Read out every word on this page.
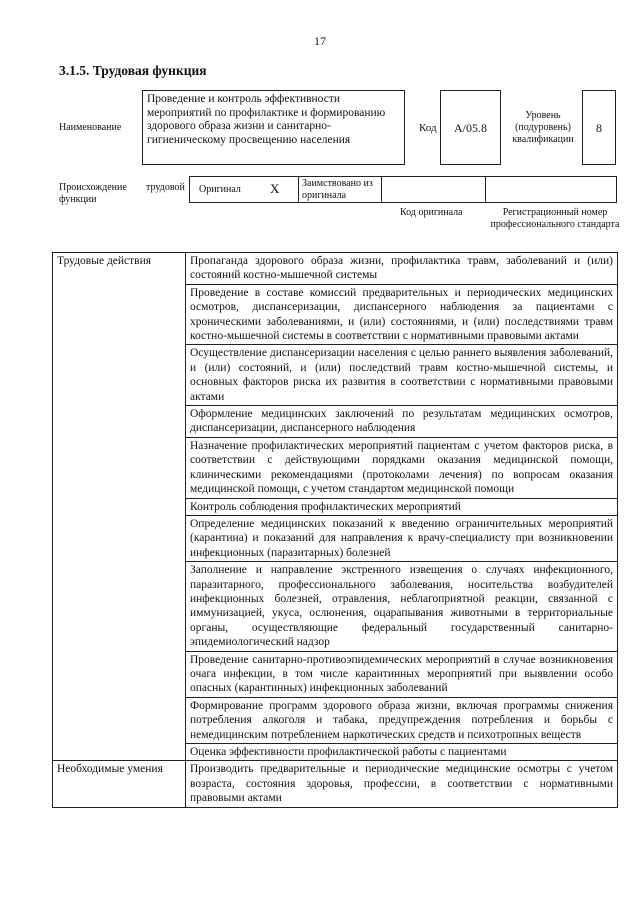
17
3.1.5. Трудовая функция
Наименование
Проведение и контроль эффективности мероприятий по профилактике и формированию здорового образа жизни и санитарно-гигиеническому просвещению населения
Код	А/05.8
Уровень (подуровень) квалификации
8
Происхождение трудовой
функции
Оригинал X	Заимствовано из оригинала
Код оригинала	Регистрационный номер профессионального стандарта
Трудовые действия	Пропаганда здорового образа жизни, профилактика травм, заболеваний и (или) состояний костно-мышечной системы
	Проведение в составе комиссий предварительных и периодических медицинских осмотров, диспансеризации, диспансерного наблюдения за пациентами с хроническими заболеваниями, и (или) состояниями, и (или) последствиями травм костно-мышечной системы в соответствии с нормативными правовыми актами
	Осуществление диспансеризации населения с целью раннего выявления заболеваний, и (или) состояний, и (или) последствий травм костно-мышечной системы, и основных факторов риска их развития в соответствии с нормативными правовыми актами
	Оформление медицинских заключений по результатам медицинских осмотров, диспансеризации, диспансерного наблюдения
	Назначение профилактических мероприятий пациентам с учетом факторов риска, в соответствии с действующими порядками оказания медицинской помощи, клиническими рекомендациями (протоколами лечения) по вопросам оказания медицинской помощи, с учетом стандартом медицинской помощи
	Контроль соблюдения профилактических мероприятий
	Определение медицинских показаний к введению ограничительных мероприятий (карантина) и показаний для направления к врачу-специалисту при возникновении инфекционных (паразитарных) болезней
	Заполнение и направление экстренного извещения о случаях инфекционного, паразитарного, профессионального заболевания, носительства возбудителей инфекционных болезней, отравления, неблагоприятной реакции, связанной с иммунизацией, укуса, ослюнения, оцарапывания животными в территориальные органы, осуществляющие федеральный государственный санитарно-эпидемиологический надзор
	Проведение санитарно-противоэпидемических мероприятий в случае возникновения очага инфекции, в том числе карантинных мероприятий при выявлении особо опасных (карантинных) инфекционных заболеваний
	Формирование программ здорового образа жизни, включая программы снижения потребления алкоголя и табака, предупреждения потребления и борьбы с немедицинским потреблением наркотических средств и психотропных веществ
	Оценка эффективности профилактической работы с пациентами
Необходимые умения	Производить предварительные и периодические медицинские осмотры с учетом возраста, состояния здоровья, профессии, в соответствии с нормативными правовыми актами
